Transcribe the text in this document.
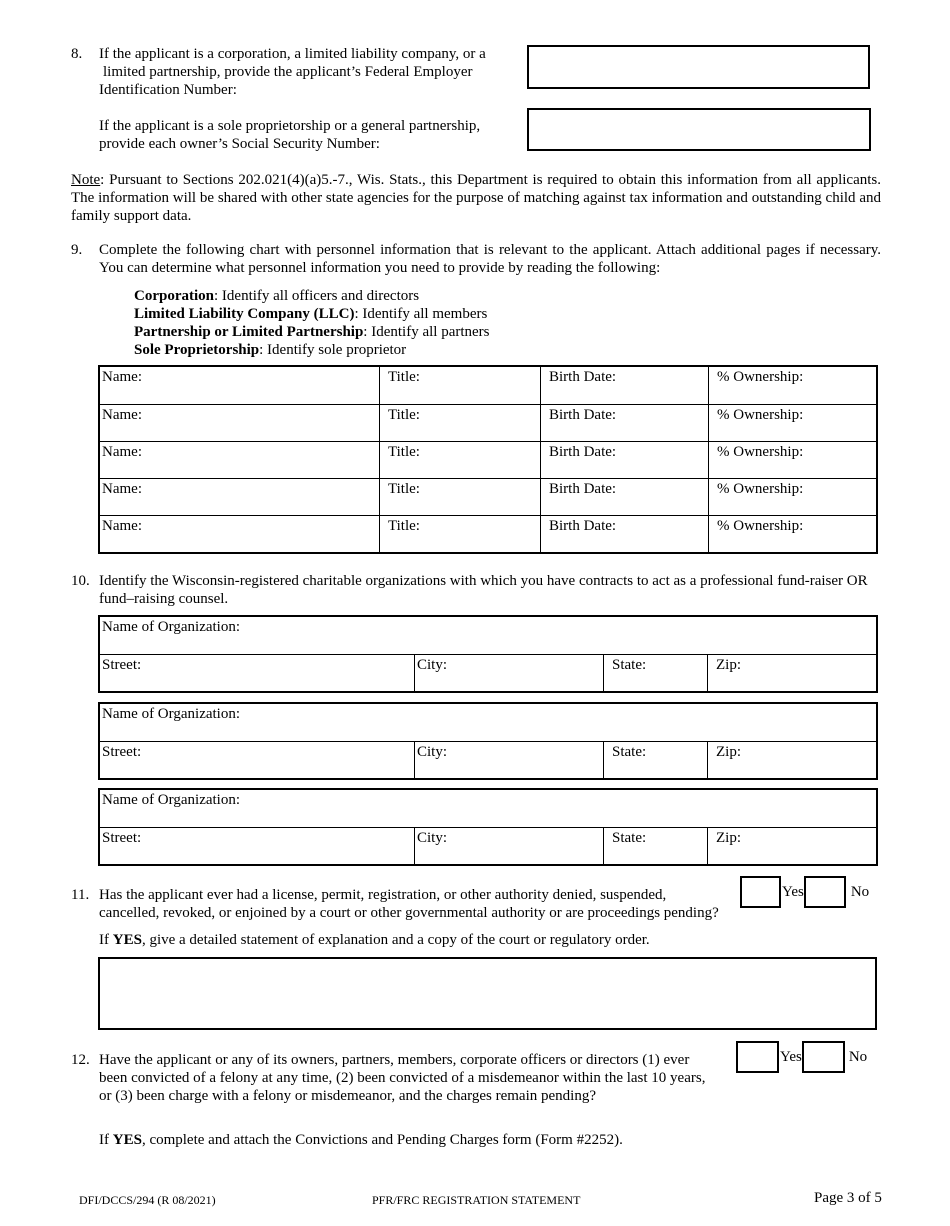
8. If the applicant is a corporation, a limited liability company, or a
limited partnership, provide the applicant’s Federal Employer
Identification Number:
If the applicant is a sole proprietorship or a general partnership,
provide each owner’s Social Security Number:
Note: Pursuant to Sections 202.021(4)(a)5.-7., Wis. Stats., this Department is required to obtain this information from all applicants. The information will be shared with other state agencies for the purpose of matching against tax information and outstanding child and family support data.
9. Complete the following chart with personnel information that is relevant to the applicant. Attach additional pages if necessary. You can determine what personnel information you need to provide by reading the following:
Corporation: Identify all officers and directors
Limited Liability Company (LLC): Identify all members
Partnership or Limited Partnership: Identify all partners
Sole Proprietorship: Identify sole proprietor
Name:	Title:	Birth Date:	% Ownership:
Name:	Title:	Birth Date:	% Ownership:
Name:	Title:	Birth Date:	% Ownership:
Name:	Title:	Birth Date:	% Ownership:
Name:	Title:	Birth Date:	% Ownership:
10. Identify the Wisconsin-registered charitable organizations with which you have contracts to act as a professional fund-raiser OR fund–raising counsel.
Name of Organization:
Street:	City:	State:	Zip:
Name of Organization:
Street:	City:	State:	Zip:
Name of Organization:
Street:	City:	State:	Zip:
11. Has the applicant ever had a license, permit, registration, or other authority denied, suspended,
cancelled, revoked, or enjoined by a court or other governmental authority or are proceedings pending?
Yes	No
If YES, give a detailed statement of explanation and a copy of the court or regulatory order.
12. Have the applicant or any of its owners, partners, members, corporate officers or directors (1) ever
been convicted of a felony at any time, (2) been convicted of a misdemeanor within the last 10 years,
or (3) been charge with a felony or misdemeanor, and the charges remain pending?
Yes	No
If YES, complete and attach the Convictions and Pending Charges form (Form #2252).
DFI/DCCS/294 (R 08/2021)	PFR/FRC REGISTRATION STATEMENT	Page 3 of 5
